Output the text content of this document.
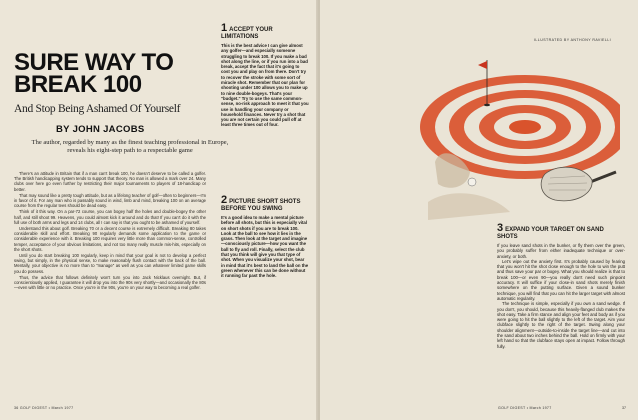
SURE WAY TO
BREAK 100

And Stop Being Ashamed Of Yourself

BY JOHN JACOBS

The author, regarded by many as the finest teaching professional in Europe, reveals his eight-step path to a respectable game

There's an attitude in Britain that if a man can't break 100, he doesn't deserve to be called a golfer. The British handicapping system tends to support that theory. No man is allowed a mark over 24. Many clubs over here go even further by restricting their major tournaments to players of 18-handicap or better.

That may sound like a pretty tough attitude, but as a lifelong teacher of golf—often to beginners—I'm in favor of it. For any man who is passably sound in wind, limb and mind, breaking 100 on an average course from the regular tees should be dead easy.

Think of it this way. On a par-72 course, you can bogey half the holes and double-bogey the other half, and still shoot 99. Heavens, you could almost kick it around and do that! If you can't do it with the full use of both arms and legs and 14 clubs, all I can say is that you ought to be ashamed of yourself.

Understand this about golf. Breaking 70 or a decent course is extremely difficult. Breaking 80 takes considerable skill and effort. Breaking 90 regularly demands some application to the game or considerable experience with it. Breaking 100 requires very little more than common-sense, controlled temper, acceptance of your obvious limitations, and not too many really muscle mis-hits, especially on the short shots.

Until you do start breaking 100 regularly, keep in mind that your goal is not to develop a perfect swing, but simply, in the physical sense, to make reasonably flush contact with the back of the ball. Mentally, your objective is no more than to "manage" as well as you can whatever limited game skills you do possess.

Thus, the advice that follows definitely won't turn you into Jack Nicklaus overnight. But, if conscientiously applied, I guarantee it will drop you into the 90s very shortly—and occasionally the 80s—even with little or no practice. Once you're in the 90s, you're on your way to becoming a real golfer.

1 ACCEPT YOUR LIMITATIONS

This is the best advice I can give almost any golfer—and especially someone struggling to break 100. If you make a bad shot along the line, or if you run into a bad break, accept the fact that it's going to cost you and play on from there. Don't try to recover the stroke with some sort of miracle shot. Remember that our plan for shooting under 100 allows you to make up to nine double-bogeys. That's your "budget." Try to use the same common-sense, no-risk approach to meet it that you use in handling your company or household finances. Never try a shot that you are not certain you could pull off at least three times out of four.

2 PICTURE SHORT SHOTS BEFORE YOU SWING

It's a good idea to make a mental picture before all shots, but this is especially vital on short shots if you are to break 100. Look at the ball to see how it lies in the grass. Then look at the target and imagine—consciously picture—how you want the ball to fly and roll. Finally, select the club that you think will give you that type of shot. When you visualize your shot, bear in mind that it's best to land the ball on the green whenever this can be done without it running far past the hole.

36 GOLF DIGEST • March 1977
ILLUSTRATED BY ANTHONY RAVIELLI
3 EXPAND YOUR TARGET ON SAND SHOTS

If you leave sand shots in the bunker, or fly them over the green, you probably suffer from either inadequate technique or over-anxiety, or both.

Let's wipe out the anxiety first. It's probably caused by fearing that you won't hit the shot close enough to the hole to win the putt and thus save your par or bogey. What you should realize is that to break 100—or even 90—you really don't need such pinpoint accuracy. It will suffice if your close-in sand shots merely finish somewhere on the putting surface. Given a sound bunker technique, you will find that you can hit the larger target with almost automatic regularity.

The technique is simple, especially if you own a sand wedge. If you don't, you should, because this heavily-flanged club makes the shot easy. Take a firm stance and align your feet and body as if you were going to hit the ball slightly to the left of the target. Aim your clubface slightly to the right of the target. Swing along your shoulder alignment—outside-to-inside the target line—and cut into the sand about two inches behind the ball. Hold on firmly with your left hand so that the clubface stays open at impact. Follow through fully.

GOLF DIGEST • March 1977	37
